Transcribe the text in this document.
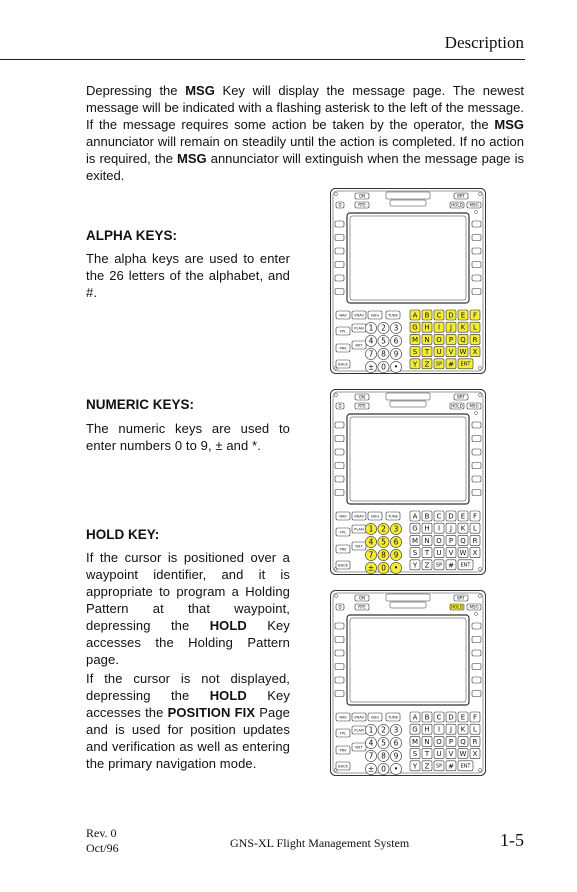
Description

Depressing the MSG Key will display the message page. The newest message will be indicated with a flashing asterisk to the left of the message. If the message requires some action be taken by the operator, the MSG annunciator will remain on steadily until the action is completed. If no action is required, the MSG annunciator will extinguish when the message page is exited.

ALPHA KEYS:

The alpha keys are used to enter the 26 letters of the alphabet, and #.

NUMERIC KEYS:

The numeric keys are used to enter numbers 0 to 9, ± and *.

HOLD KEY:

If the cursor is positioned over a waypoint identifier, and it is appropriate to program a Holding Pattern at that waypoint, depressing the HOLD Key accesses the Holding Pattern page.

If the cursor is not displayed, depressing the HOLD Key accesses the POSITION FIX Page and is used for position updates and verification as well as entering the primary navigation mode.

ON	BRT
D	RTE	HOLD MSG
NAV VNAV HDG TUNE
FPL
PLAN
PRV
NXT
BACK
1 2 3
4 5 6
7 8 9
± 0 •
A B C D E F
G H I J K L
M N O P Q R
S T U V W X
Y Z SP # ENT
ON	BRT
D	RTE	HOLD MSG
NAV VNAV HDG TUNE
FPL
PLAN
PRV
NXT
BACK
1 2 3
4 5 6
7 8 9
± 0 •
A B C D E F
G H I J K L
M N O P Q R
S T U V W X
Y Z SP # ENT
ON	BRT
D	RTE	HOLD MSG
NAV VNAV HDG TUNE
FPL
PLAN
PRV
NXT
BACK
1 2 3
4 5 6
7 8 9
± 0 •
A B C D E F
G H I J K L
M N O P Q R
S T U V W X
Y Z SP # ENT
Rev. 0
Oct/96	GNS-XL Flight Management System	1-5
